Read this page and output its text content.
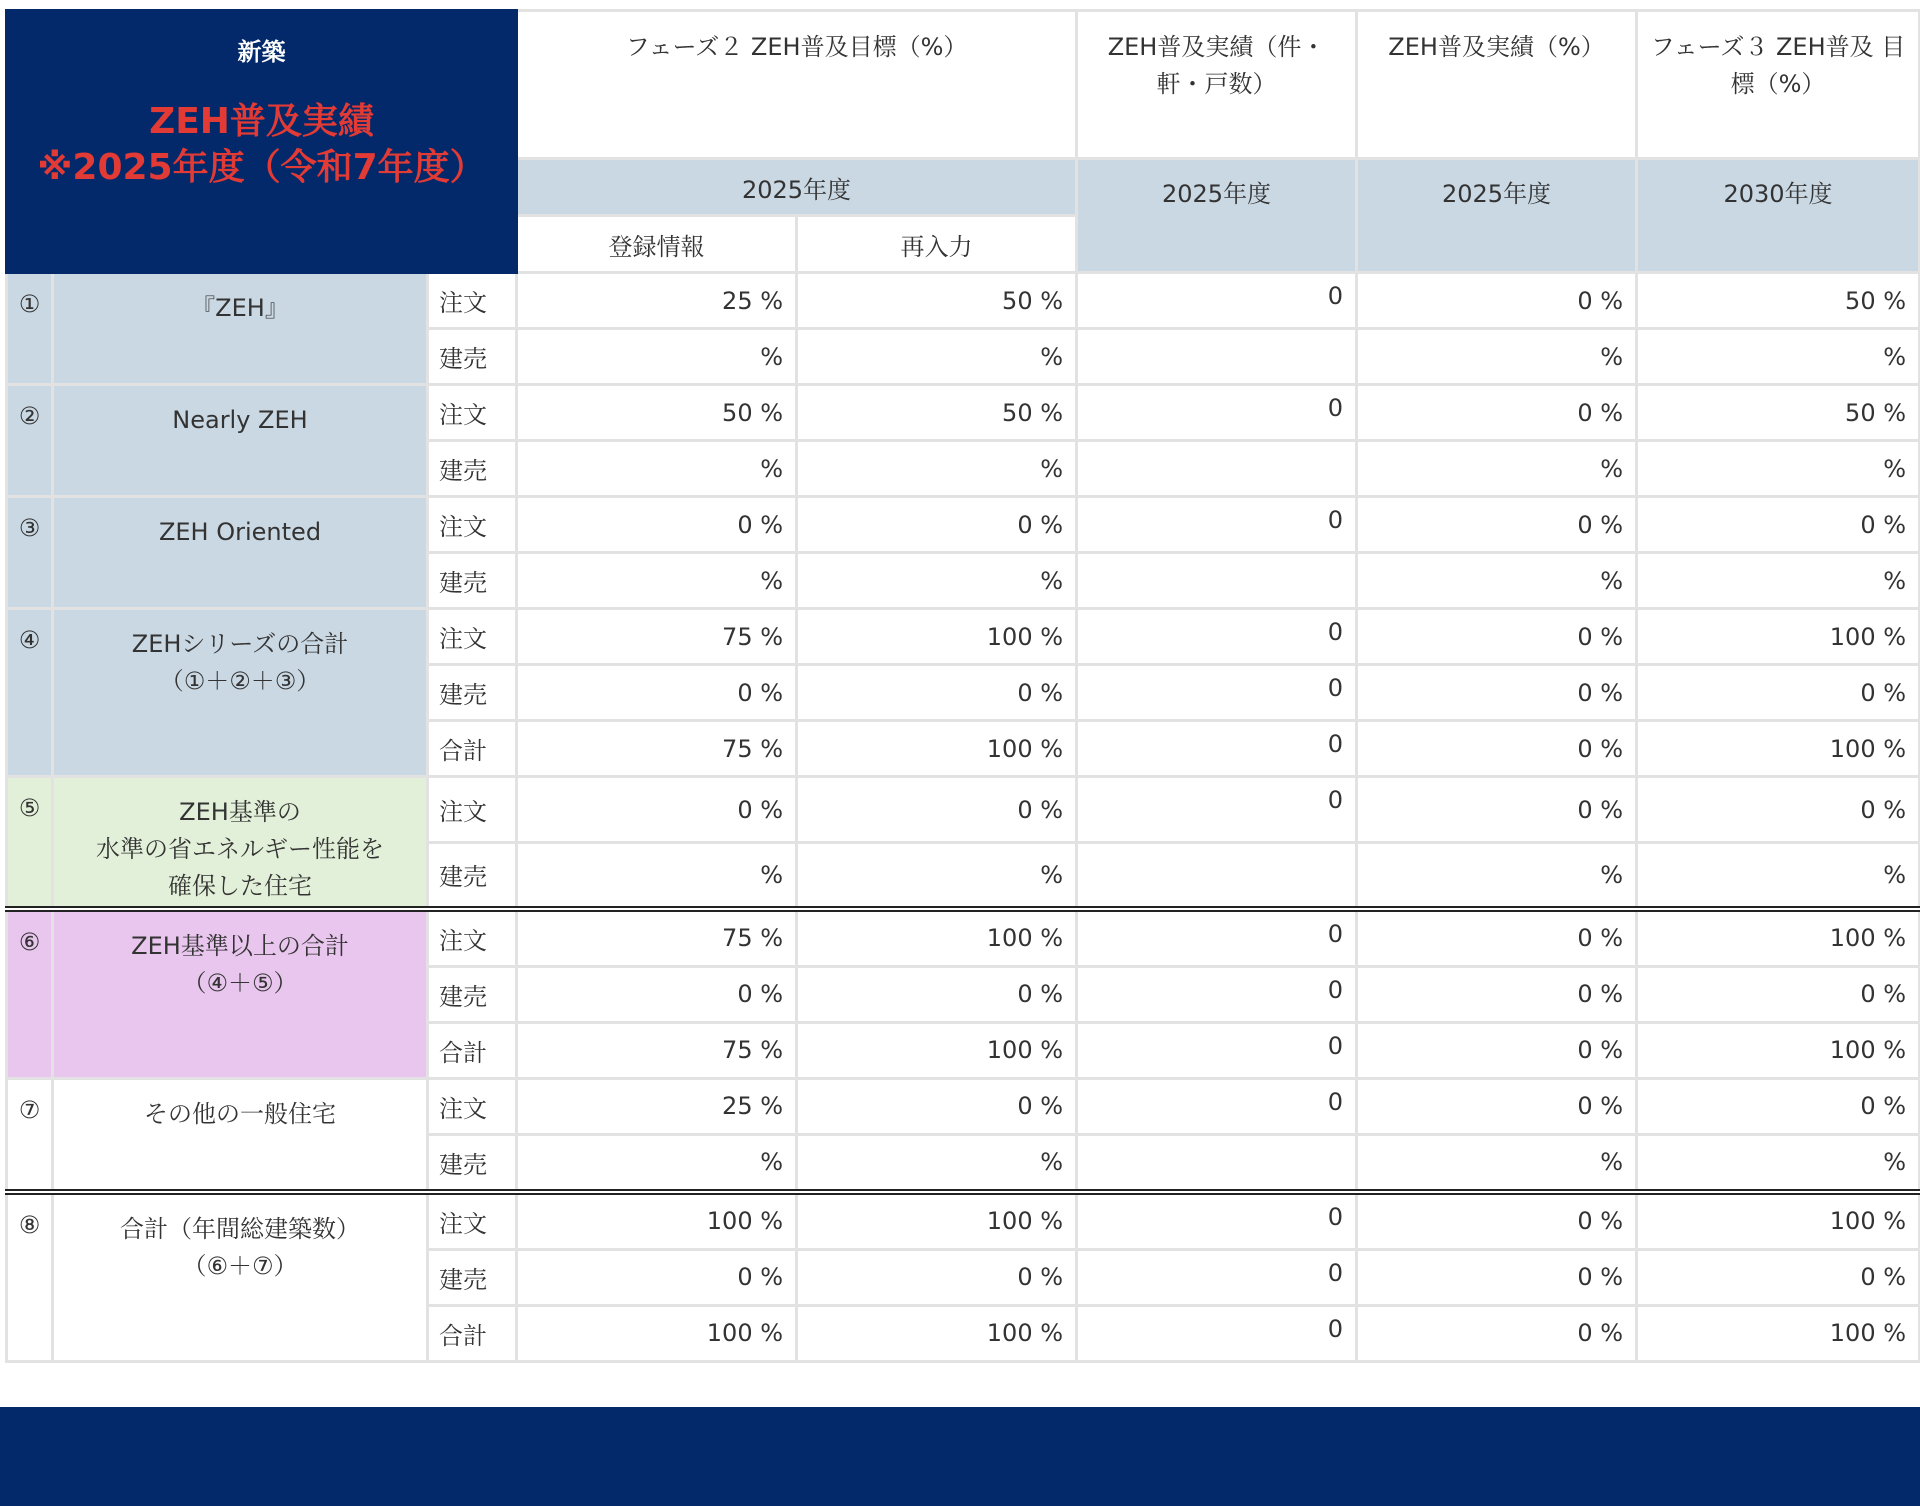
新築
ZEH普及実績
※2025年度（令和7年度）			フェーズ２ ZEH普及目標（%）		ZEH普及実績（件・軒・戸数）	ZEH普及実績（%）	フェーズ３ ZEH普及 目標（%）
			2025年度		2025年度	2025年度	2030年度
			登録情報	再入力			
①	『ZEH』	注文	25 %	50 %	0	0 %	50 %
		建売	%	%		%	%
②	Nearly ZEH	注文	50 %	50 %	0	0 %	50 %
		建売	%	%		%	%
③	ZEH Oriented	注文	0 %	0 %	0	0 %	0 %
		建売	%	%		%	%
④	ZEHシリーズの合計
（①＋②＋③）	注文	75 %	100 %	0	0 %	100 %
		建売	0 %	0 %	0	0 %	0 %
		合計	75 %	100 %	0	0 %	100 %
⑤	ZEH基準の
水準の省エネルギー性能を
確保した住宅	注文	0 %	0 %	0	0 %	0 %
		建売	%	%		%	%
⑥	ZEH基準以上の合計
（④＋⑤）	注文	75 %	100 %	0	0 %	100 %
		建売	0 %	0 %	0	0 %	0 %
		合計	75 %	100 %	0	0 %	100 %
⑦	その他の一般住宅	注文	25 %	0 %	0	0 %	0 %
		建売	%	%		%	%
⑧	合計（年間総建築数）
（⑥＋⑦）	注文	100 %	100 %	0	0 %	100 %
		建売	0 %	0 %	0	0 %	0 %
		合計	100 %	100 %	0	0 %	100 %
